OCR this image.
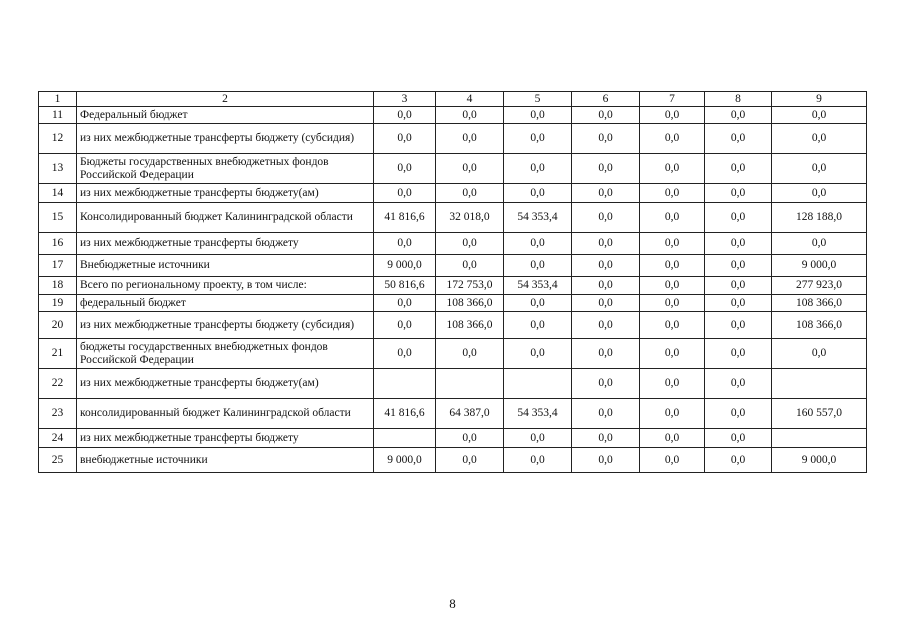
1	2	3	4	5	6	7	8	9
11	Федеральный бюджет	0,0	0,0	0,0	0,0	0,0	0,0	0,0
12	из них межбюджетные трансферты бюджету (субсидия)	0,0	0,0	0,0	0,0	0,0	0,0	0,0
13	Бюджеты государственных внебюджетных фондов Российской Федерации	0,0	0,0	0,0	0,0	0,0	0,0	0,0
14	из них межбюджетные трансферты бюджету(ам)	0,0	0,0	0,0	0,0	0,0	0,0	0,0
15	Консолидированный бюджет Калининградской области	41 816,6	32 018,0	54 353,4	0,0	0,0	0,0	128 188,0
16	из них межбюджетные трансферты бюджету	0,0	0,0	0,0	0,0	0,0	0,0	0,0
17	Внебюджетные источники	9 000,0	0,0	0,0	0,0	0,0	0,0	9 000,0
18	Всего по региональному проекту, в том числе:	50 816,6	172 753,0	54 353,4	0,0	0,0	0,0	277 923,0
19	федеральный бюджет	0,0	108 366,0	0,0	0,0	0,0	0,0	108 366,0
20	из них межбюджетные трансферты бюджету (субсидия)	0,0	108 366,0	0,0	0,0	0,0	0,0	108 366,0
21	бюджеты государственных внебюджетных фондов Российской Федерации	0,0	0,0	0,0	0,0	0,0	0,0	0,0
22	из них межбюджетные трансферты бюджету(ам)				0,0	0,0	0,0	
23	консолидированный бюджет Калининградской области	41 816,6	64 387,0	54 353,4	0,0	0,0	0,0	160 557,0
24	из них межбюджетные трансферты бюджету		0,0	0,0	0,0	0,0	0,0	
25	внебюджетные источники	9 000,0	0,0	0,0	0,0	0,0	0,0	9 000,0
8
